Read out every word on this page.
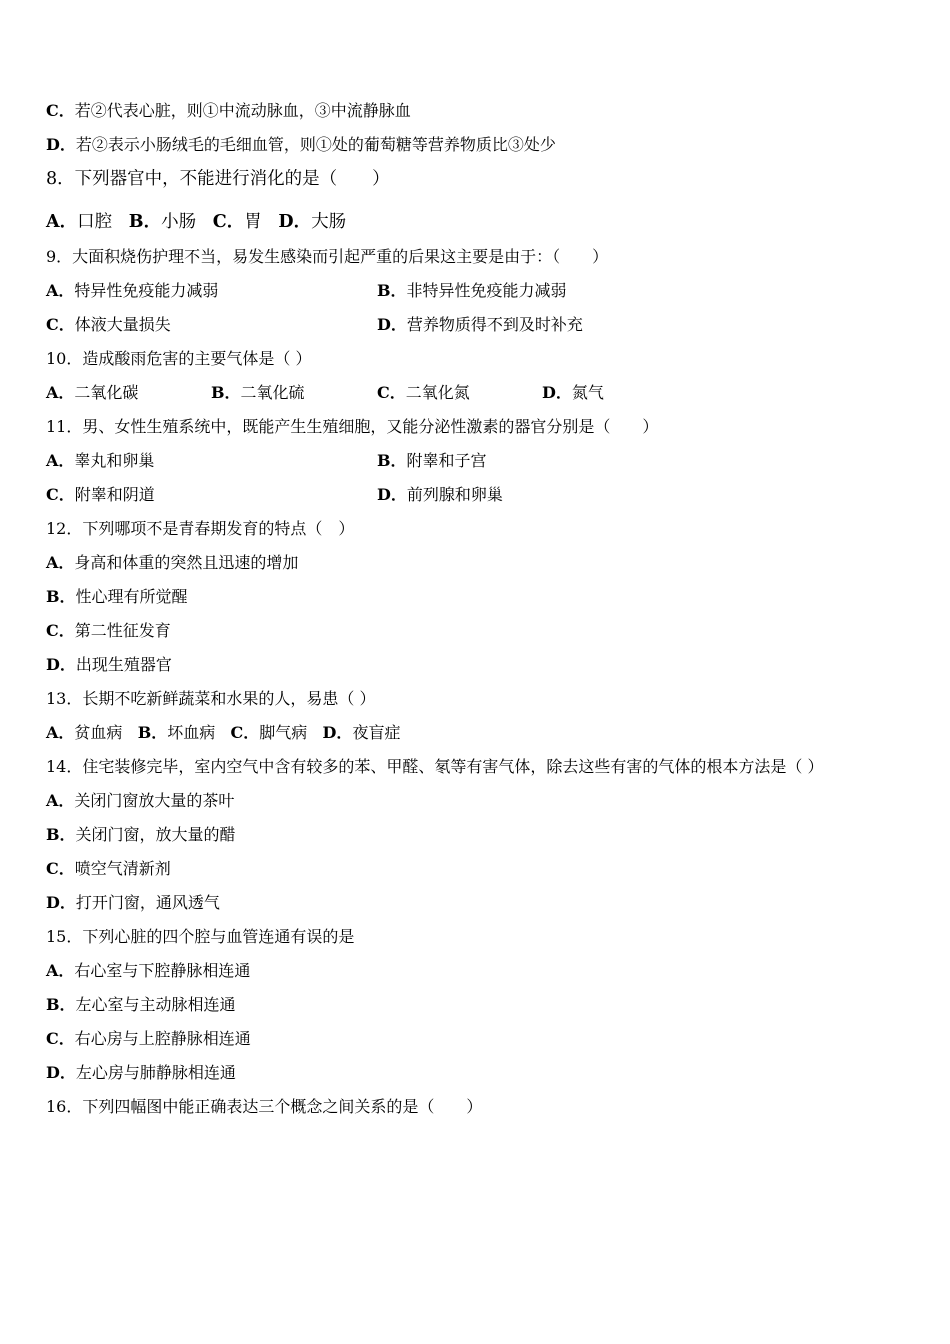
C．若②代表心脏，则①中流动脉血，③中流静脉血
D．若②表示小肠绒毛的毛细血管，则①处的葡萄糖等营养物质比③处少
8．下列器官中，不能进行消化的是（　　）
A．口腔 B．小肠 C．胃 D．大肠
9．大面积烧伤护理不当，易发生感染而引起严重的后果这主要是由于：（　　）
A．特异性免疫能力减弱	B．非特异性免疫能力减弱
C．体液大量损失	D．营养物质得不到及时补充
10．造成酸雨危害的主要气体是（ ）
A．二氧化碳	B．二氧化硫	C．二氧化氮	D．氮气
11．男、女性生殖系统中，既能产生生殖细胞，又能分泌性激素的器官分别是（　　）
A．睾丸和卵巢	B．附睾和子宫
C．附睾和阴道	D．前列腺和卵巢
12．下列哪项不是青春期发育的特点（　）
A．身高和体重的突然且迅速的增加
B．性心理有所觉醒
C．第二性征发育
D．出现生殖器官
13．长期不吃新鲜蔬菜和水果的人，易患（ ）
A．贫血病 B．坏血病 C．脚气病 D．夜盲症
14．住宅装修完毕，室内空气中含有较多的苯、甲醛、氡等有害气体，除去这些有害的气体的根本方法是（ ）
A．关闭门窗放大量的茶叶
B．关闭门窗，放大量的醋
C．喷空气清新剂
D．打开门窗，通风透气
15．下列心脏的四个腔与血管连通有误的是
A．右心室与下腔静脉相连通
B．左心室与主动脉相连通
C．右心房与上腔静脉相连通
D．左心房与肺静脉相连通
16．下列四幅图中能正确表达三个概念之间关系的是（　　）
